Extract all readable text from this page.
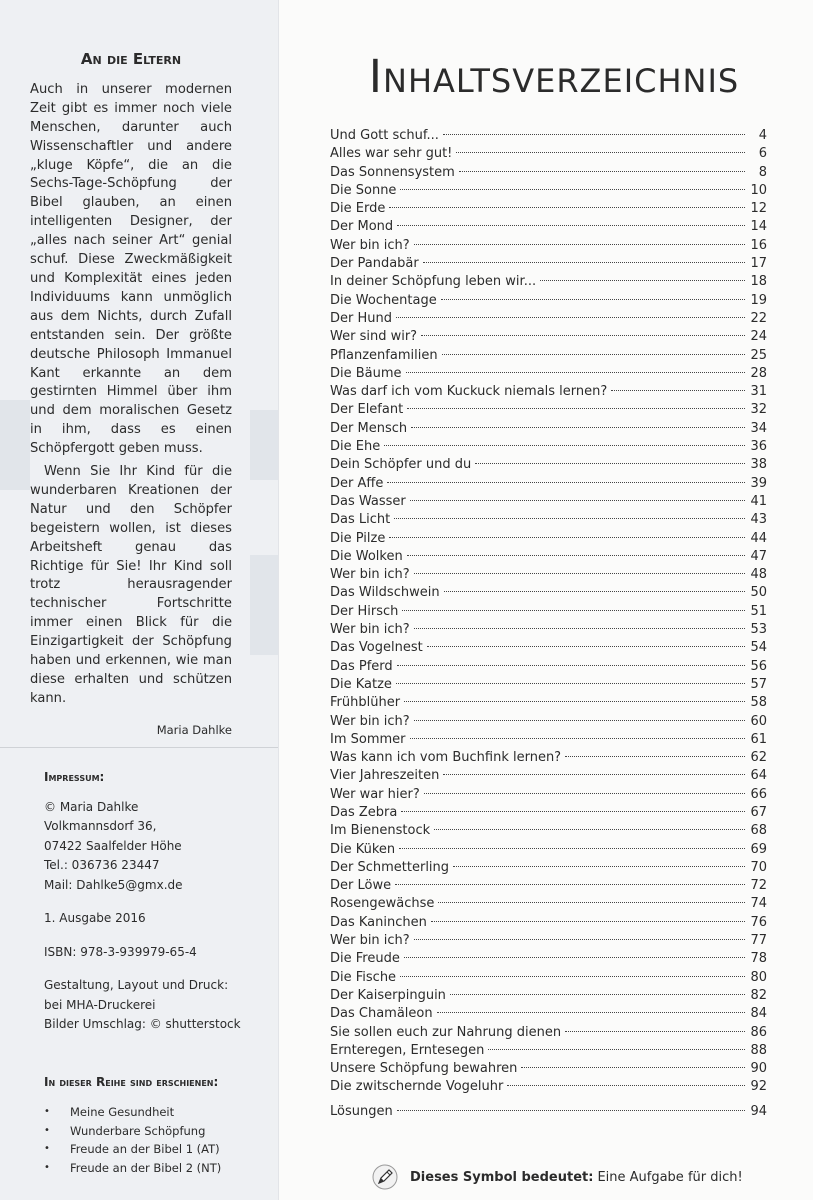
An die Eltern

Auch in unserer modernen Zeit gibt es immer noch viele Menschen, darunter auch Wissenschaftler und andere „kluge Köpfe“, die an die Sechs-Tage-Schöpfung der Bibel glauben, an einen intelligenten Designer, der „alles nach seiner Art“ genial schuf. Diese Zweckmäßigkeit und Komplexität eines jeden Individuums kann unmöglich aus dem Nichts, durch Zufall entstanden sein. Der größte deutsche Philosoph Immanuel Kant erkannte an dem gestirnten Himmel über ihm und dem moralischen Gesetz in ihm, dass es einen Schöpfergott geben muss.

Wenn Sie Ihr Kind für die wunderbaren Kreationen der Natur und den Schöpfer begeistern wollen, ist dieses Arbeitsheft genau das Richtige für Sie! Ihr Kind soll trotz herausragender technischer Fortschritte immer einen Blick für die Einzigartigkeit der Schöpfung haben und erkennen, wie man diese erhalten und schützen kann.

Maria Dahlke
Impressum:
© Maria Dahlke
Volkmannsdorf 36,
07422 Saalfelder Höhe
Tel.: 036736 23447
Mail: Dahlke5@gmx.de
1. Ausgabe 2016
ISBN: 978-3-939979-65-4
Gestaltung, Layout und Druck:
bei MHA-Druckerei
Bilder Umschlag: © shutterstock
In dieser Reihe sind erschienen:
• Meine Gesundheit
• Wunderbare Schöpfung
• Freude an der Bibel 1 (AT)
• Freude an der Bibel 2 (NT)
Inhaltsverzeichnis
Und Gott schuf...	4
Alles war sehr gut!	6
Das Sonnensystem	8
Die Sonne	10
Die Erde	12
Der Mond	14
Wer bin ich?	16
Der Pandabär	17
In deiner Schöpfung leben wir...	18
Die Wochentage	19
Der Hund	22
Wer sind wir?	24
Pflanzenfamilien	25
Die Bäume	28
Was darf ich vom Kuckuck niemals lernen?	31
Der Elefant	32
Der Mensch	34
Die Ehe	36
Dein Schöpfer und du	38
Der Affe	39
Das Wasser	41
Das Licht	43
Die Pilze	44
Die Wolken	47
Wer bin ich?	48
Das Wildschwein	50
Der Hirsch	51
Wer bin ich?	53
Das Vogelnest	54
Das Pferd	56
Die Katze	57
Frühblüher	58
Wer bin ich?	60
Im Sommer	61
Was kann ich vom Buchfink lernen?	62
Vier Jahreszeiten	64
Wer war hier?	66
Das Zebra	67
Im Bienenstock	68
Die Küken	69
Der Schmetterling	70
Der Löwe	72
Rosengewächse	74
Das Kaninchen	76
Wer bin ich?	77
Die Freude	78
Die Fische	80
Der Kaiserpinguin	82
Das Chamäleon	84
Sie sollen euch zur Nahrung dienen	86
Ernteregen, Erntesegen	88
Unsere Schöpfung bewahren	90
Die zwitschernde Vogeluhr	92
Lösungen	94
Dieses Symbol bedeutet: Eine Aufgabe für dich!
